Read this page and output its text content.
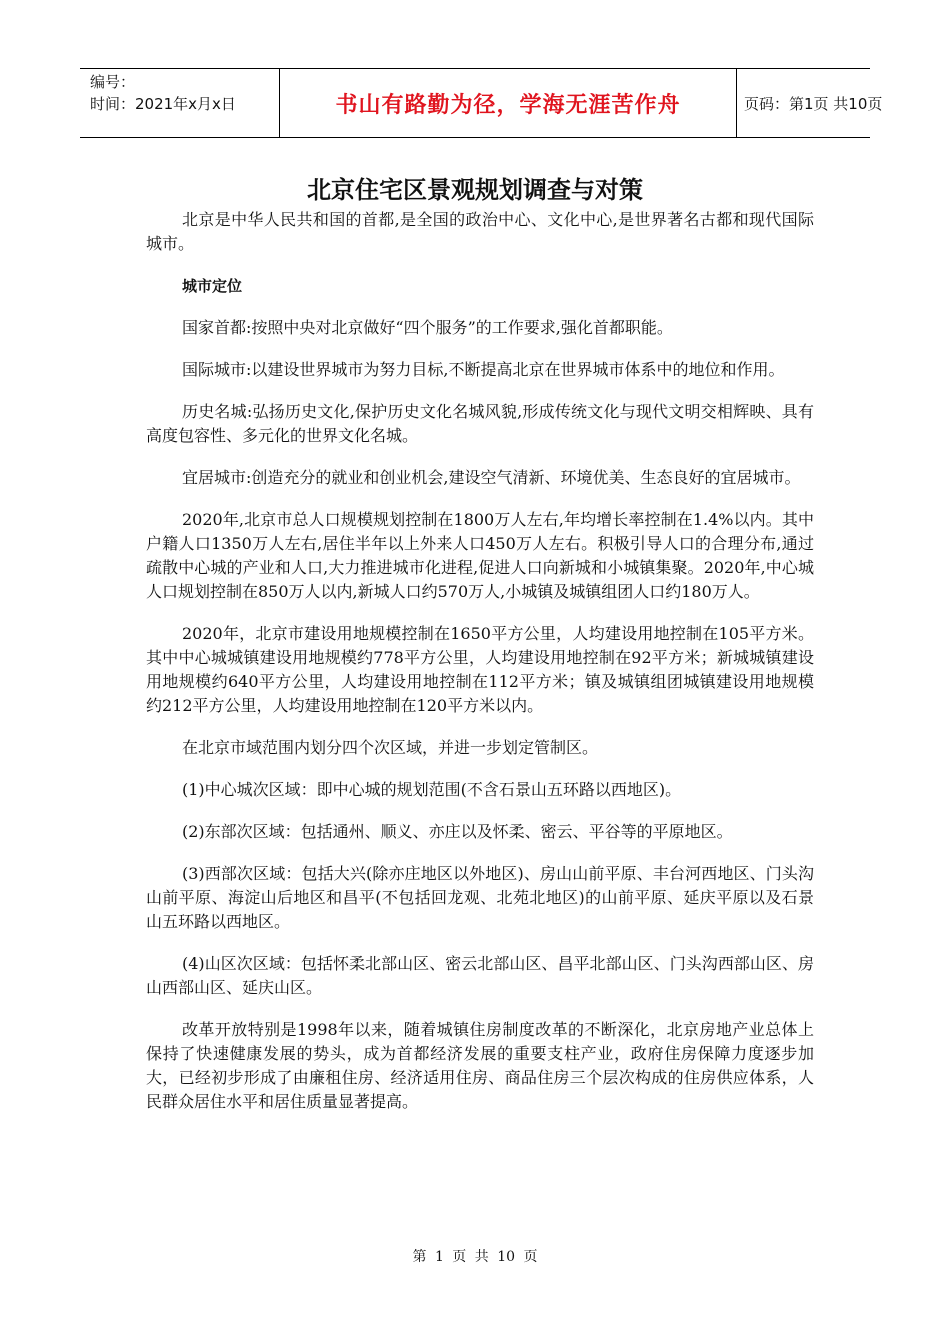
编号：
时间：2021年x月x日	书山有路勤为径，学海无涯苦作舟	页码：第1页 共10页
北京住宅区景观规划调查与对策

北京是中华人民共和国的首都,是全国的政治中心、文化中心,是世界著名古都和现代国际城市。

城市定位

国家首都:按照中央对北京做好“四个服务”的工作要求,强化首都职能。

国际城市:以建设世界城市为努力目标,不断提高北京在世界城市体系中的地位和作用。

历史名城:弘扬历史文化,保护历史文化名城风貌,形成传统文化与现代文明交相辉映、具有高度包容性、多元化的世界文化名城。

宜居城市:创造充分的就业和创业机会,建设空气清新、环境优美、生态良好的宜居城市。

2020年,北京市总人口规模规划控制在1800万人左右,年均增长率控制在1.4%以内。其中户籍人口1350万人左右,居住半年以上外来人口450万人左右。积极引导人口的合理分布,通过疏散中心城的产业和人口,大力推进城市化进程,促进人口向新城和小城镇集聚。2020年,中心城人口规划控制在850万人以内,新城人口约570万人,小城镇及城镇组团人口约180万人。

2020年，北京市建设用地规模控制在1650平方公里，人均建设用地控制在105平方米。其中中心城城镇建设用地规模约778平方公里，人均建设用地控制在92平方米；新城城镇建设用地规模约640平方公里，人均建设用地控制在112平方米；镇及城镇组团城镇建设用地规模约212平方公里，人均建设用地控制在120平方米以内。

在北京市域范围内划分四个次区域，并进一步划定管制区。

(1)中心城次区域：即中心城的规划范围(不含石景山五环路以西地区)。

(2)东部次区域：包括通州、顺义、亦庄以及怀柔、密云、平谷等的平原地区。

(3)西部次区域：包括大兴(除亦庄地区以外地区)、房山山前平原、丰台河西地区、门头沟山前平原、海淀山后地区和昌平(不包括回龙观、北苑北地区)的山前平原、延庆平原以及石景山五环路以西地区。

(4)山区次区域：包括怀柔北部山区、密云北部山区、昌平北部山区、门头沟西部山区、房山西部山区、延庆山区。

改革开放特别是1998年以来，随着城镇住房制度改革的不断深化，北京房地产业总体上保持了快速健康发展的势头，成为首都经济发展的重要支柱产业，政府住房保障力度逐步加大，已经初步形成了由廉租住房、经济适用住房、商品住房三个层次构成的住房供应体系，人民群众居住水平和居住质量显著提高。

第 1 页 共 10 页
